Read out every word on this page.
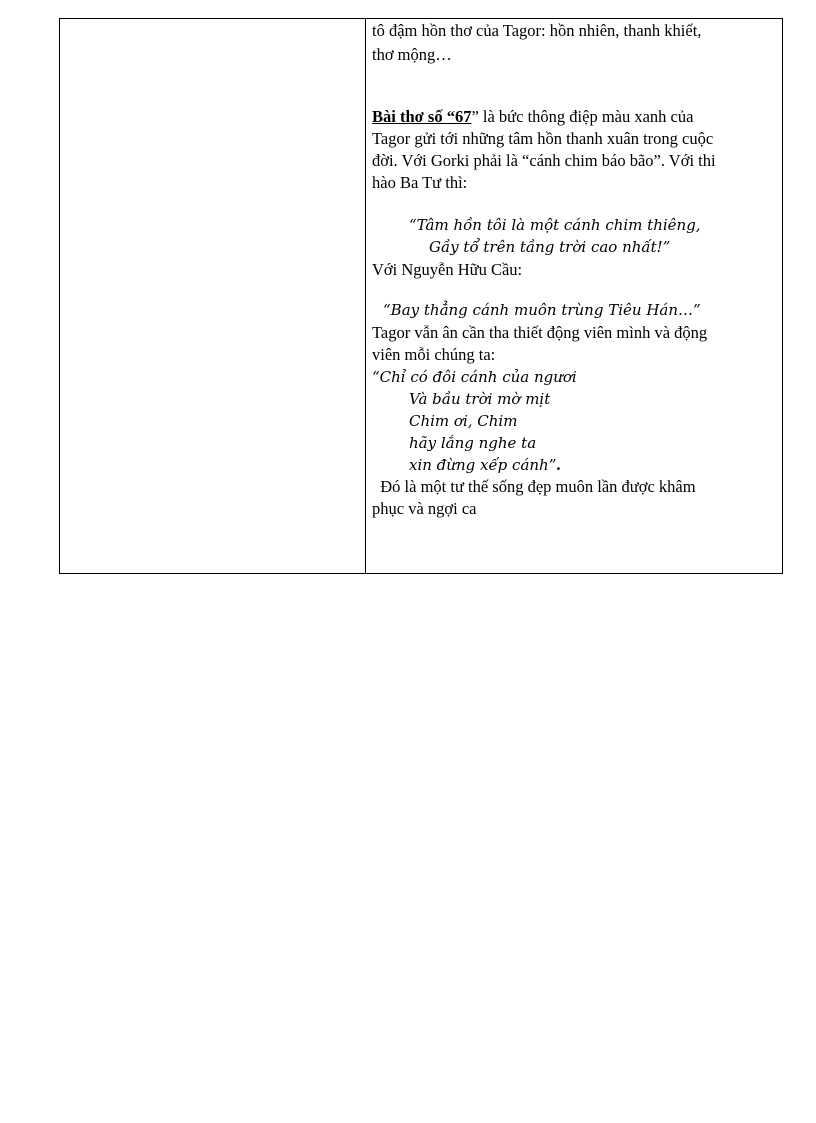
tô đậm hồn thơ của Tagor: hồn nhiên, thanh khiết,
thơ mộng…
Bài thơ số “67” là bức thông điệp màu xanh của
Tagor gửi tới những tâm hồn thanh xuân trong cuộc
đời. Với Gorki phải là “cánh chim báo bão”. Với thi
hào Ba Tư thì:
“Tâm hồn tôi là một cánh chim thiêng,
Gầy tổ trên tầng trời cao nhất!”
Với Nguyễn Hữu Cầu:
“Bay thẳng cánh muôn trùng Tiêu Hán…”
Tagor vẫn ân cần tha thiết động viên mình và động
viên mỗi chúng ta:
“Chỉ có đôi cánh của ngươi
Và bầu trời mờ mịt
Chim ơi, Chim
hãy lắng nghe ta
xin đừng xếp cánh”.
Đó là một tư thế sống đẹp muôn lần được khâm
phục và ngợi ca
